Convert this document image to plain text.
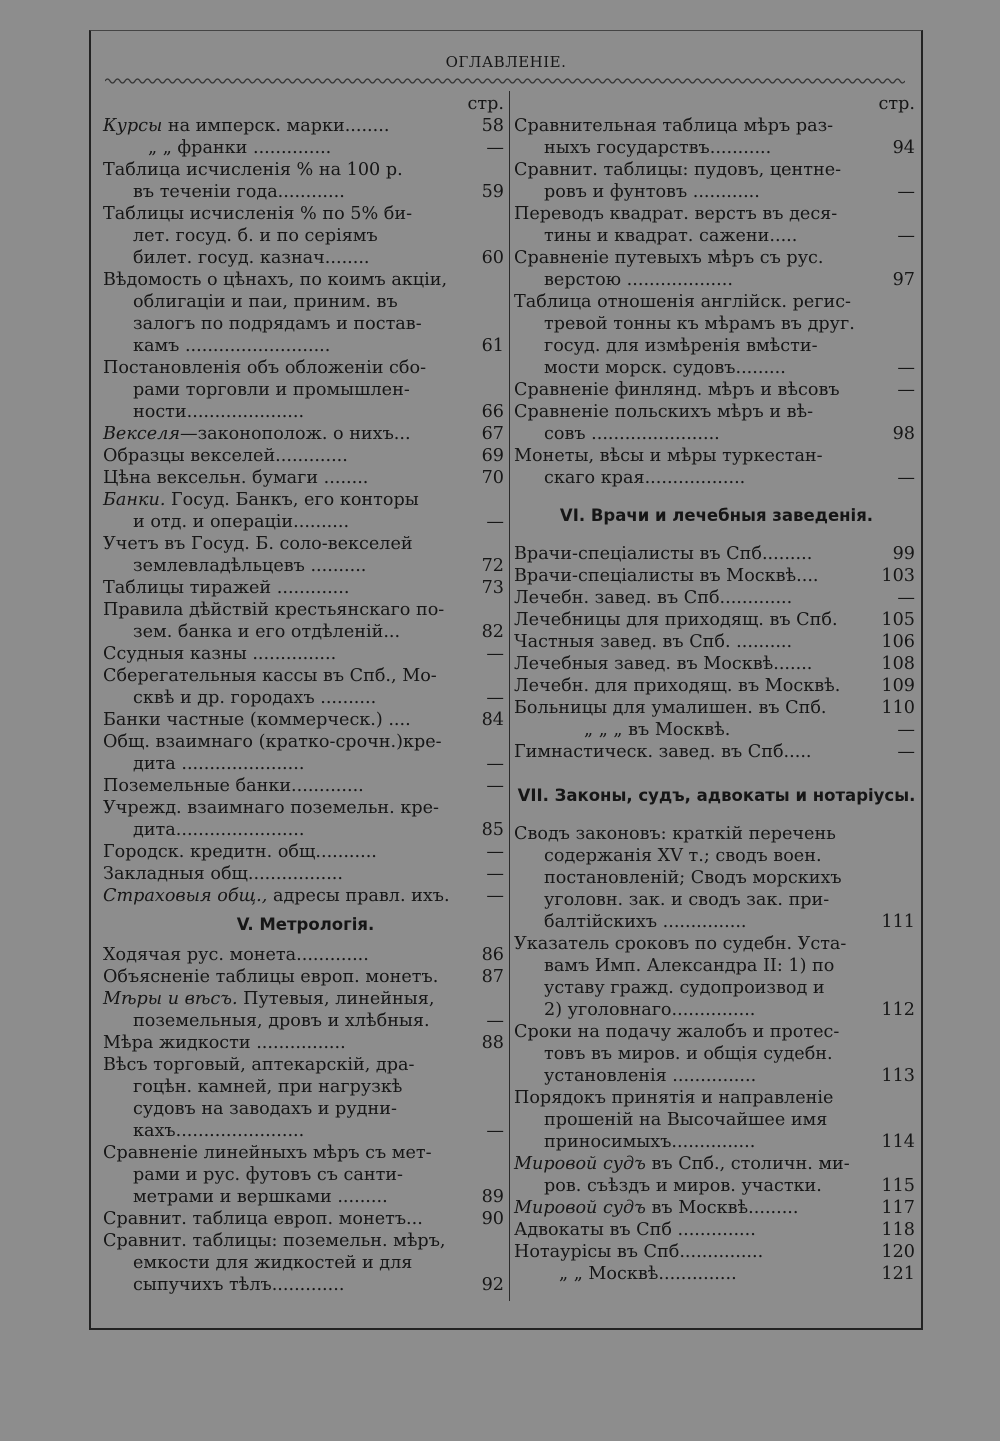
ОГЛАВЛЕНІЕ.
стр.
Курсы на имперск. марки........	58
„ „ франки ..............	—
Таблица исчисленія % на 100 р.
въ теченіи года............	59
Таблицы исчисленія % по 5% би-
лет. госуд. б. и по серіямъ
билет. госуд. казнач........	60
Вѣдомость о цѣнахъ, по коимъ акціи,
облигаціи и паи, приним. въ
залогъ по подрядамъ и постав-
камъ ..........................	61
Постановленія объ обложеніи сбо-
рами торговли и промышлен-
ности.....................	66
Векселя—законополож. о нихъ...	67
Образцы векселей.............	69
Цѣна вексельн. бумаги ........	70
Банки. Госуд. Банкъ, его конторы
и отд. и операціи..........	—
Учетъ въ Госуд. Б. соло-векселей
землевладѣльцевъ ..........	72
Таблицы тиражей .............	73
Правила дѣйствій крестьянскаго по-
зем. банка и его отдѣленій...	82
Ссудныя казны ...............	—
Сберегательныя кассы въ Спб., Мо-
сквѣ и др. городахъ ..........	—
Банки частные (коммерческ.) ....	84
Общ. взаимнаго (кратко-срочн.)кре-
дита ......................	—
Поземельные банки.............	—
Учрежд. взаимнаго поземельн. кре-
дита.......................	85
Городск. кредитн. общ...........	—
Закладныя общ.................	—
Страховыя общ., адресы правл. ихъ.	—
V. Метрологія.
Ходячая рус. монета.............	86
Объясненіе таблицы европ. монетъ.	87
Мѣры и вѣсъ. Путевыя, линейныя,
поземельныя, дровъ и хлѣбныя.	—
Мѣра жидкости ................	88
Вѣсъ торговый, аптекарскій, дра-
гоцѣн. камней, при нагрузкѣ
судовъ на заводахъ и рудни-
кахъ.......................	—
Сравненіе линейныхъ мѣръ съ мет-
рами и рус. футовъ съ санти-
метрами и вершками .........	89
Сравнит. таблица европ. монетъ...	90
Сравнит. таблицы: поземельн. мѣръ,
емкости для жидкостей и для
сыпучихъ тѣлъ.............	92
стр.
Сравнительная таблица мѣръ раз-
ныхъ государствъ...........	94
Сравнит. таблицы: пудовъ, центне-
ровъ и фунтовъ ............	—
Переводъ квадрат. верстъ въ деся-
тины и квадрат. сажени.....	—
Сравненіе путевыхъ мѣръ съ рус.
верстою ...................	97
Таблица отношенія англійск. регис-
тревой тонны къ мѣрамъ въ друг.
госуд. для измѣренія вмѣсти-
мости морск. судовъ.........	—
Сравненіе финлянд. мѣръ и вѣсовъ	—
Сравненіе польскихъ мѣръ и вѣ-
совъ .......................	98
Монеты, вѣсы и мѣры туркестан-
скаго края..................	—
VI. Врачи и лечебныя заведенія.
Врачи-спеціалисты въ Спб.........	99
Врачи-спеціалисты въ Москвѣ....	103
Лечебн. завед. въ Спб.............	—
Лечебницы для приходящ. въ Спб.	105
Частныя завед. въ Спб. ..........	106
Лечебныя завед. въ Москвѣ.......	108
Лечебн. для приходящ. въ Москвѣ.	109
Больницы для умалишен. въ Спб.	110
„ „ „ въ Москвѣ.	—
Гимнастическ. завед. въ Спб.....	—
VII. Законы, судъ, адвокаты и нотаріусы.
Сводъ законовъ: краткій перечень
содержанія XV т.; сводъ воен.
постановленій; Сводъ морскихъ
уголовн. зак. и сводъ зак. при-
балтійскихъ ...............	111
Указатель сроковъ по судебн. Уста-
вамъ Имп. Александра II: 1) по
уставу гражд. судопроизвод и
2) уголовнаго...............	112
Сроки на подачу жалобъ и протес-
товъ въ миров. и общія судебн.
установленія ...............	113
Порядокъ принятія и направленіе
прошеній на Высочайшее имя
приносимыхъ...............	114
Мировой судъ въ Спб., столичн. ми-
ров. съѣздъ и миров. участки.	115
Мировой судъ въ Москвѣ.........	117
Адвокаты въ Спб ..............	118
Нотауріcы въ Спб...............	120
„ „ Москвѣ..............	121
